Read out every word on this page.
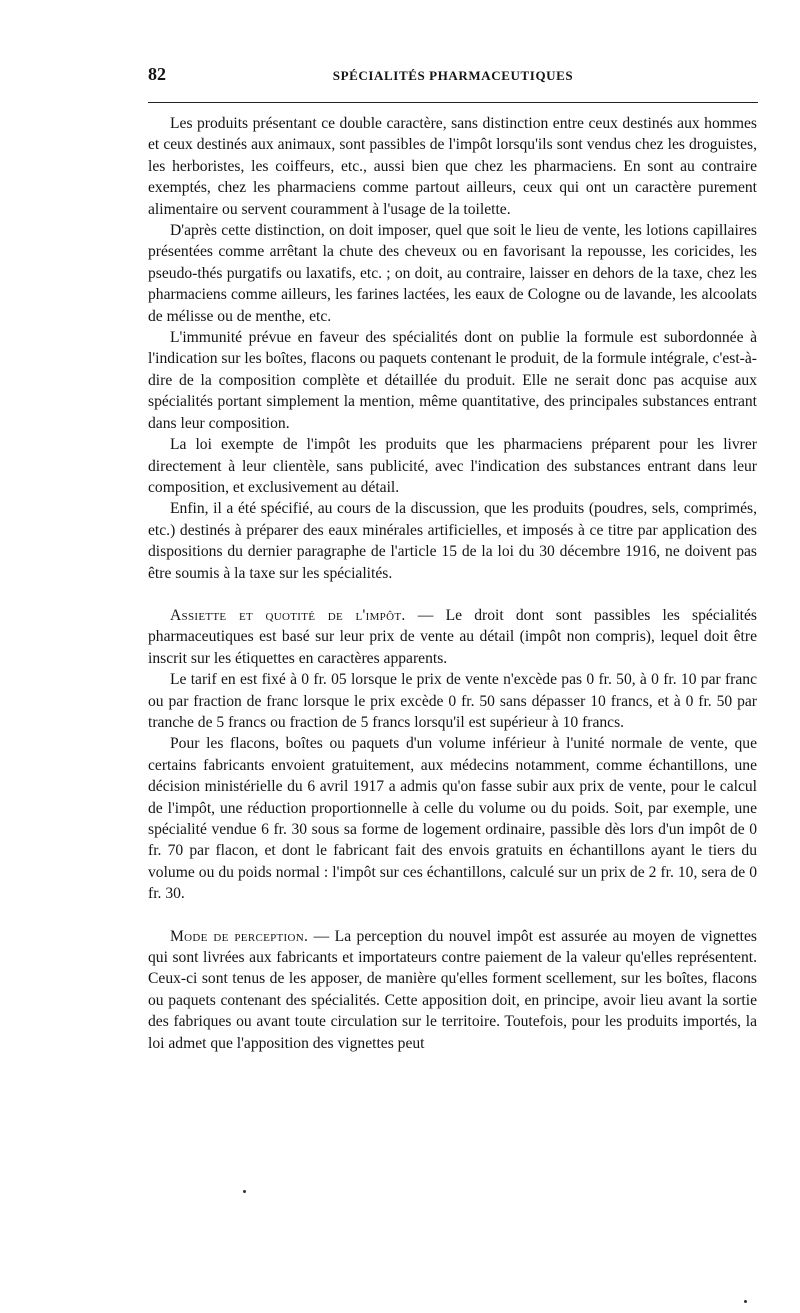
82	SPÉCIALITÉS PHARMACEUTIQUES

Les produits présentant ce double caractère, sans distinction entre ceux destinés aux hommes et ceux destinés aux animaux, sont passibles de l'impôt lorsqu'ils sont vendus chez les droguistes, les herboristes, les coiffeurs, etc., aussi bien que chez les pharmaciens. En sont au contraire exemptés, chez les pharmaciens comme partout ailleurs, ceux qui ont un caractère purement alimentaire ou servent couramment à l'usage de la toilette.

D'après cette distinction, on doit imposer, quel que soit le lieu de vente, les lotions capillaires présentées comme arrêtant la chute des cheveux ou en favorisant la repousse, les coricides, les pseudo-thés purgatifs ou laxatifs, etc. ; on doit, au contraire, laisser en dehors de la taxe, chez les pharmaciens comme ailleurs, les farines lactées, les eaux de Cologne ou de lavande, les alcoolats de mélisse ou de menthe, etc.

L'immunité prévue en faveur des spécialités dont on publie la formule est subordonnée à l'indication sur les boîtes, flacons ou paquets contenant le produit, de la formule intégrale, c'est-à-dire de la composition complète et détaillée du produit. Elle ne serait donc pas acquise aux spécialités portant simplement la mention, même quantitative, des principales substances entrant dans leur composition.

La loi exempte de l'impôt les produits que les pharmaciens préparent pour les livrer directement à leur clientèle, sans publicité, avec l'indication des substances entrant dans leur composition, et exclusivement au détail.

Enfin, il a été spécifié, au cours de la discussion, que les produits (poudres, sels, comprimés, etc.) destinés à préparer des eaux minérales artificielles, et imposés à ce titre par application des dispositions du dernier paragraphe de l'article 15 de la loi du 30 décembre 1916, ne doivent pas être soumis à la taxe sur les spécialités.

Assiette et quotité de l'impôt. — Le droit dont sont passibles les spécialités pharmaceutiques est basé sur leur prix de vente au détail (impôt non compris), lequel doit être inscrit sur les étiquettes en caractères apparents.

Le tarif en est fixé à 0 fr. 05 lorsque le prix de vente n'excède pas 0 fr. 50, à 0 fr. 10 par franc ou par fraction de franc lorsque le prix excède 0 fr. 50 sans dépasser 10 francs, et à 0 fr. 50 par tranche de 5 francs ou fraction de 5 francs lorsqu'il est supérieur à 10 francs.

Pour les flacons, boîtes ou paquets d'un volume inférieur à l'unité normale de vente, que certains fabricants envoient gratuitement, aux médecins notamment, comme échantillons, une décision ministérielle du 6 avril 1917 a admis qu'on fasse subir aux prix de vente, pour le calcul de l'impôt, une réduction proportionnelle à celle du volume ou du poids. Soit, par exemple, une spécialité vendue 6 fr. 30 sous sa forme de logement ordinaire, passible dès lors d'un impôt de 0 fr. 70 par flacon, et dont le fabricant fait des envois gratuits en échantillons ayant le tiers du volume ou du poids normal : l'impôt sur ces échantillons, calculé sur un prix de 2 fr. 10, sera de 0 fr. 30.

Mode de perception. — La perception du nouvel impôt est assurée au moyen de vignettes qui sont livrées aux fabricants et importateurs contre paiement de la valeur qu'elles représentent. Ceux-ci sont tenus de les apposer, de manière qu'elles forment scellement, sur les boîtes, flacons ou paquets contenant des spécialités. Cette apposition doit, en principe, avoir lieu avant la sortie des fabriques ou avant toute circulation sur le territoire. Toutefois, pour les produits importés, la loi admet que l'apposition des vignettes peut
